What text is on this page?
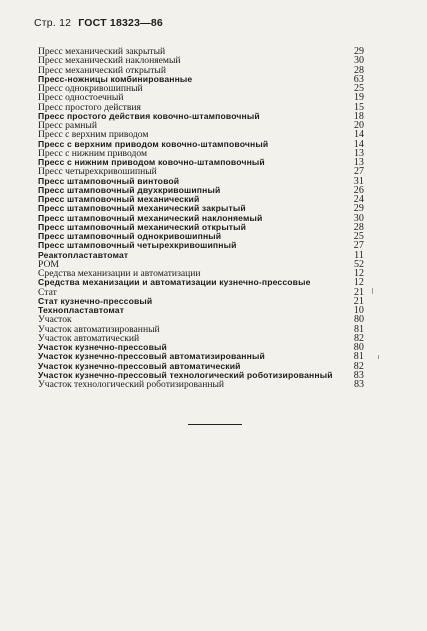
Стр. 12 ГОСТ 18323—86
Пресс механический закрытый	29
Пресс механический наклоняемый	30
Пресс механический открытый	28
Пресс-ножницы комбинированные	63
Пресс однокривошипный	25
Пресс одностоечный	19
Пресс простого действия	15
Пресс простого действия ковочно-штамповочный	18
Пресс рамный	20
Пресс с верхним приводом	14
Пресс с верхним приводом ковочно-штамповочный	14
Пресс с нижним приводом	13
Пресс с нижним приводом ковочно-штамповочный	13
Пресс четырехкривошипный	27
Пресс штамповочный винтовой	31
Пресс штамповочный двухкривошипный	26
Пресс штамповочный механический	24
Пресс штамповочный механический закрытый	29
Пресс штамповочный механический наклоняемый	30
Пресс штамповочный механический открытый	28
Пресс штамповочный однокривошипный	25
Пресс штамповочный четырехкривошипный	27
Реактопластавтомат	11
РОМ	52
Средства механизации и автоматизации	12
Средства механизации и автоматизации кузнечно-прессовые	12
Стат	21
Стат кузнечно-прессовый	21
Технопластавтомат	10
Участок	80
Участок автоматизированный	81
Участок автоматический	82
Участок кузнечно-прессовый	80
Участок кузнечно-прессовый автоматизированный	81
Участок кузнечно-прессовый автоматический	82
Участок кузнечно-прессовый технологический роботизированный	83
Участок технологический роботизированный	83
